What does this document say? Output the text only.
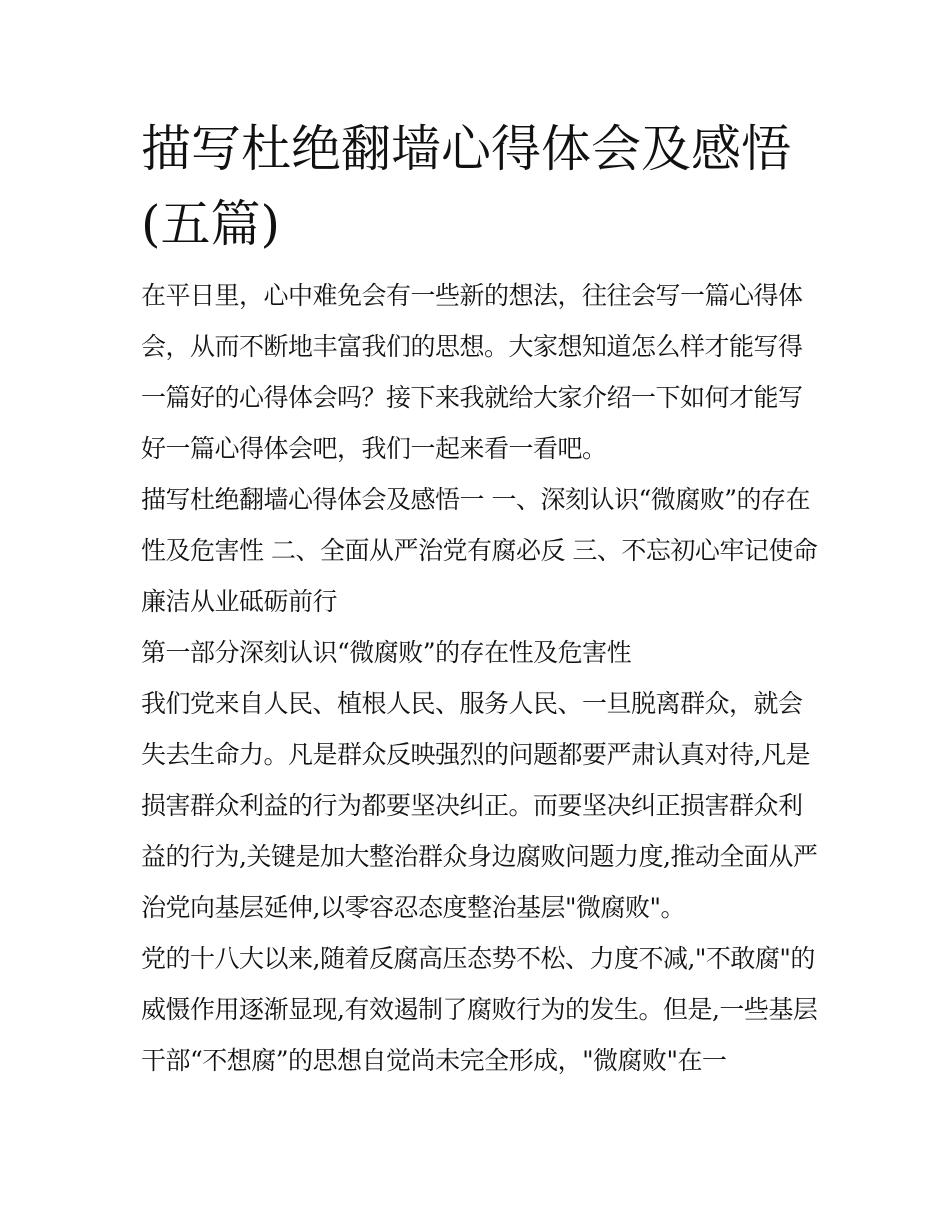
描写杜绝翻墙心得体会及感悟(五篇)

在平日里，心中难免会有一些新的想法，往往会写一篇心得体会，从而不断地丰富我们的思想。大家想知道怎么样才能写得一篇好的心得体会吗？接下来我就给大家介绍一下如何才能写好一篇心得体会吧，我们一起来看一看吧。

描写杜绝翻墙心得体会及感悟一 一、深刻认识“微腐败”的存在性及危害性 二、全面从严治党有腐必反 三、不忘初心牢记使命廉洁从业砥砺前行

第一部分深刻认识“微腐败”的存在性及危害性

我们党来自人民、植根人民、服务人民、一旦脱离群众，就会失去生命力。凡是群众反映强烈的问题都要严肃认真对待,凡是损害群众利益的行为都要坚决纠正。而要坚决纠正损害群众利益的行为,关键是加大整治群众身边腐败问题力度,推动全面从严治党向基层延伸,以零容忍态度整治基层"微腐败"。

党的十八大以来,随着反腐高压态势不松、力度不减,"不敢腐"的威慑作用逐渐显现,有效遏制了腐败行为的发生。但是,一些基层干部“不想腐”的思想自觉尚未完全形成，"微腐败"在一
